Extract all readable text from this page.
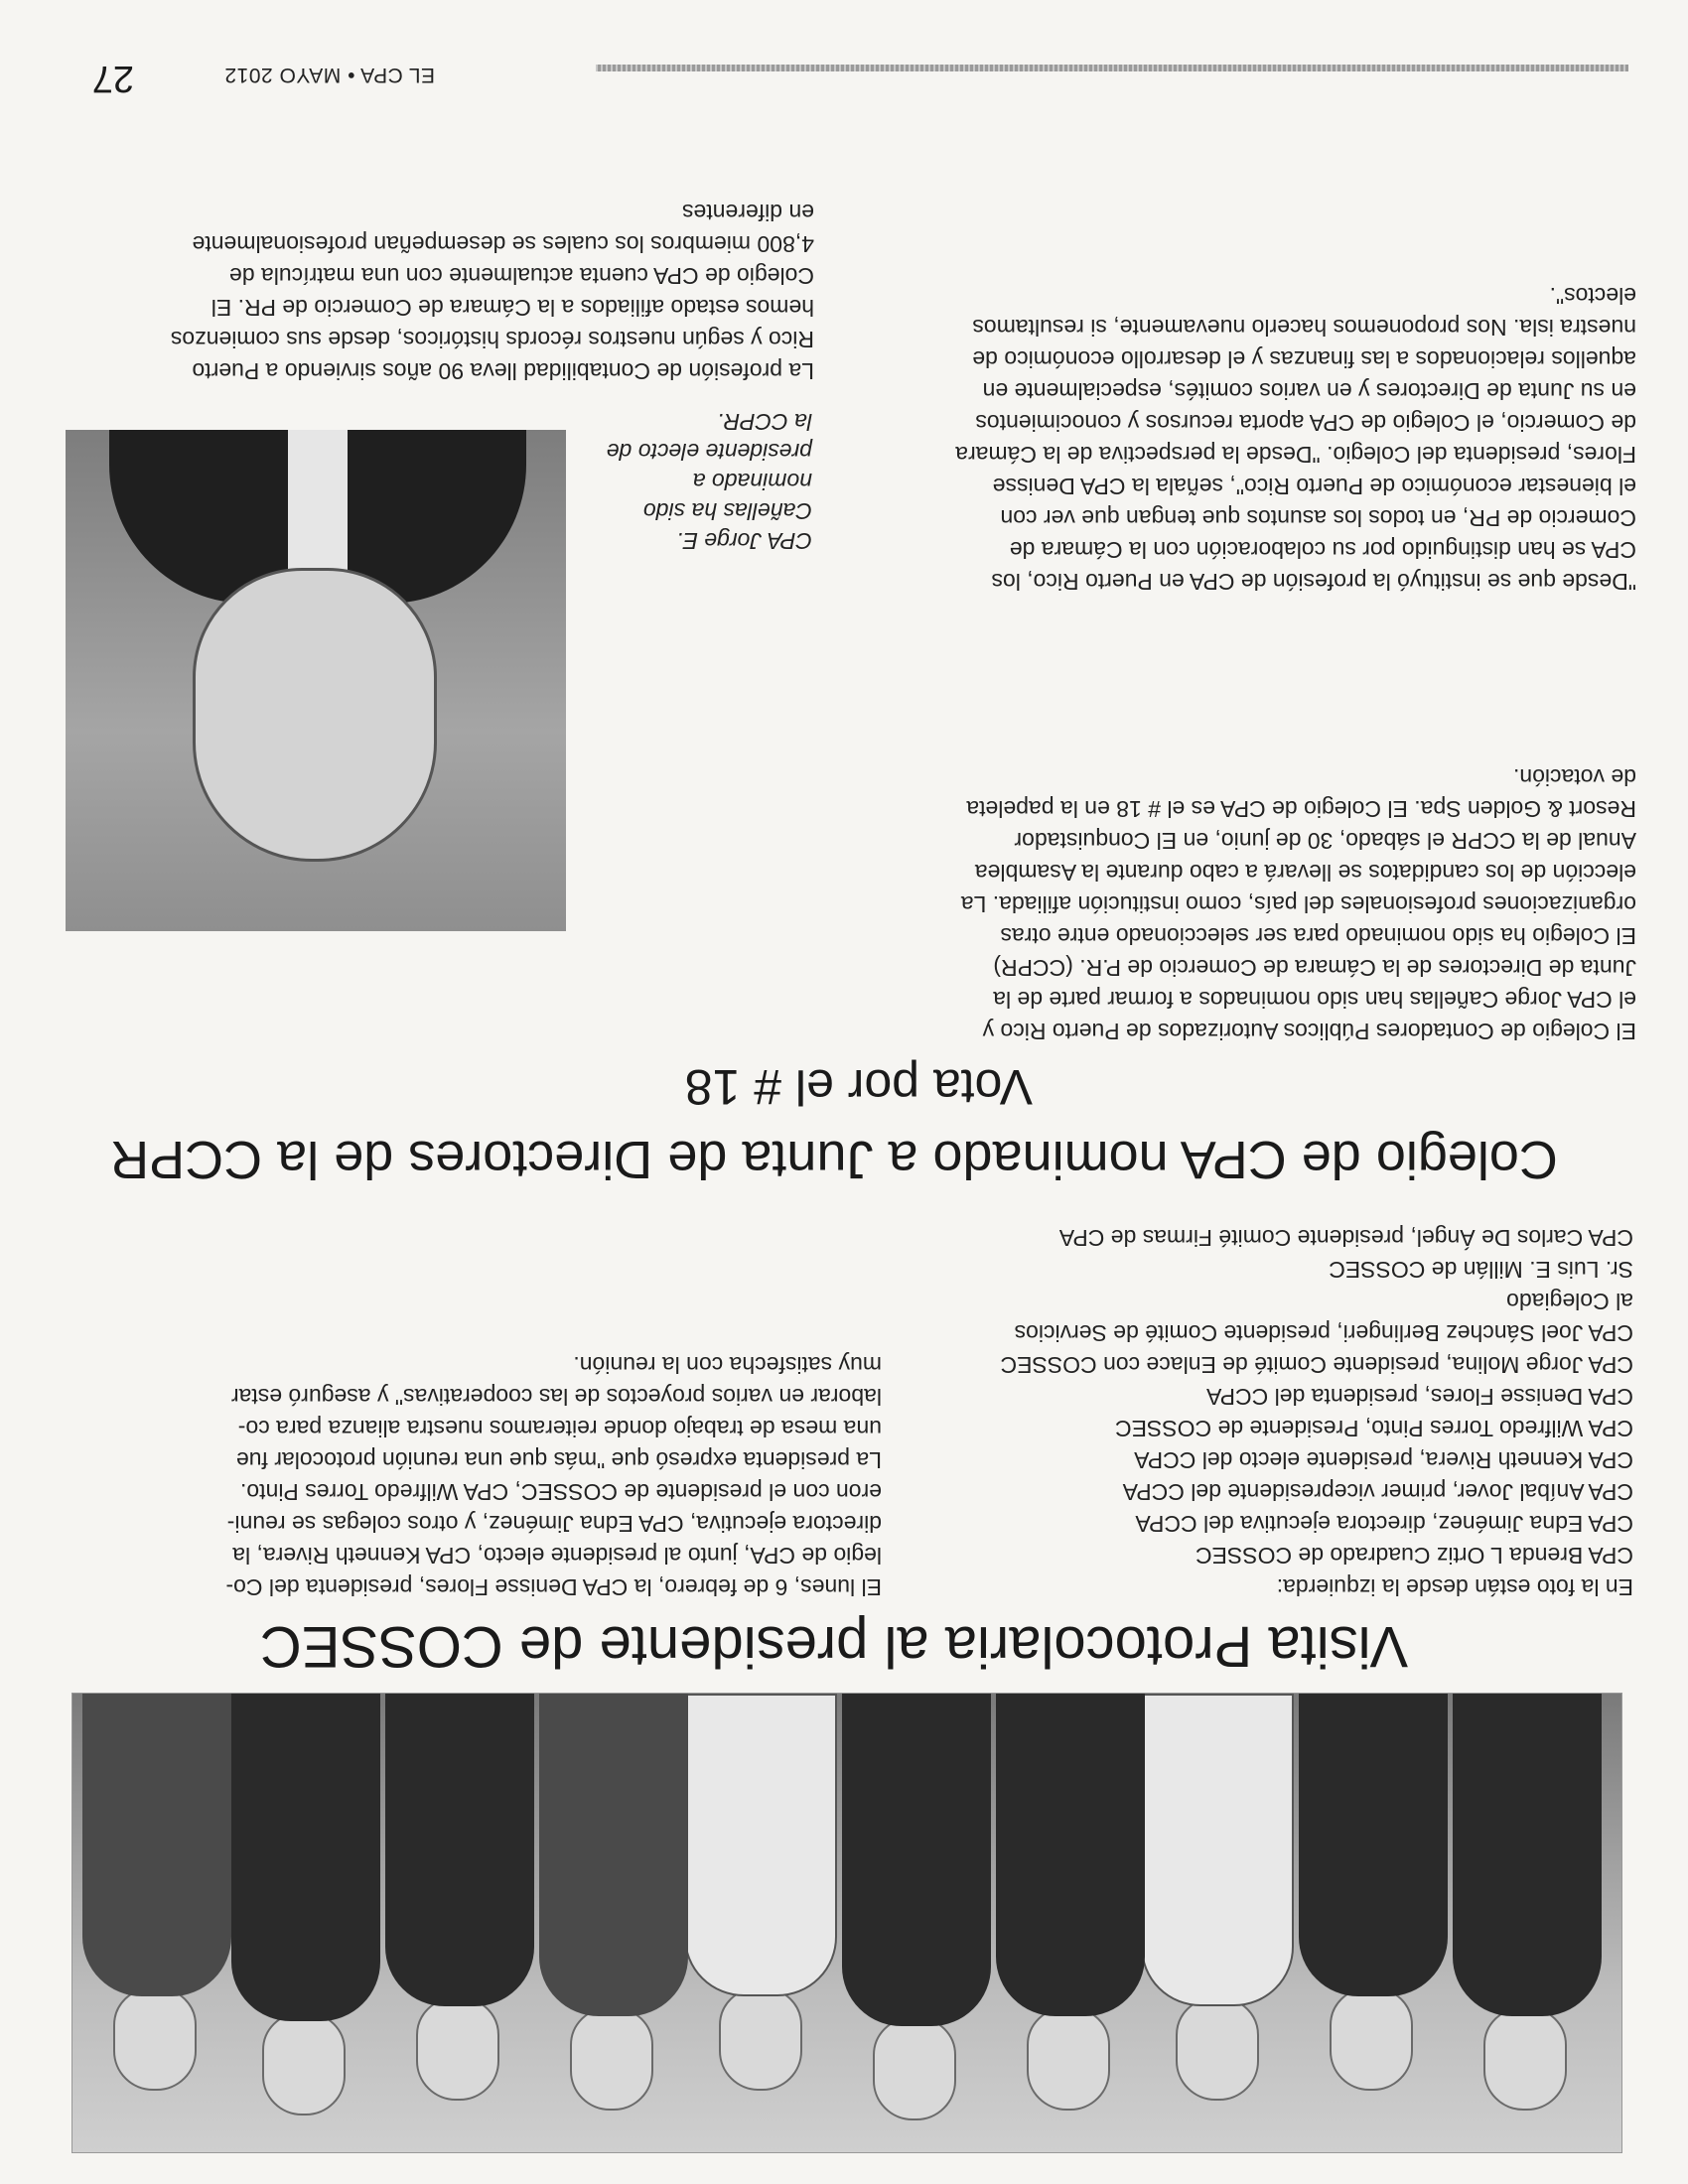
Visita Protocolaria al presidente de COSSEC

El lunes, 6 de febrero, la CPA Denisse Flores, presidenta del Co-

legio de CPA, junto al presidente electo, CPA Kenneth Rivera, la

directora ejecutiva, CPA Edna Jiménez, y otros colegas se reuni-

eron con el presidente de COSSEC, CPA Wilfredo Torres Pinto.

La presidenta expresó que "más que una reunión protocolar fue

una mesa de trabajo donde reiteramos nuestra alianza para co-

laborar en varios proyectos de las cooperativas" y aseguró estar

muy satisfecha con la reunión.

En la foto están desde la izquierda:
CPA Brenda L Ortiz Cuadrado de COSSEC
CPA Edna Jiménez, directora ejecutiva del CCPA
CPA Aníbal Jover, primer vicepresidente del CCPA
CPA Kenneth Rivera, presidente electo del CCPA
CPA Wilfredo Torres Pinto, Presidente de COSSEC
CPA Denisse Flores, presidenta del CCPA
CPA Jorge Molina, presidente Comité de Enlace con COSSEC
CPA Joel Sánchez Berlingeri, presidente Comité de Servicios
al Colegiado
Sr. Luis E. Millán de COSSEC
CPA Carlos De Ángel, presidente Comité Firmas de CPA
Colegio de CPA nominado a Junta de Directores de la CCPR
Vota por el # 18

El Colegio de Contadores Públicos Autorizados de Puerto Rico y

el CPA Jorge Cañellas han sido nominados a formar parte de la

Junta de Directores de la Cámara de Comercio de P.R. (CCPR)

El Colegio ha sido nominado para ser seleccionado entre otras

organizaciones profesionales del país, como institución afiliada. La

elección de los candidatos se llevará a cabo durante la Asamblea

Anual de la CCPR el sábado, 30 de junio, en El Conquistador

Resort & Golden Spa. El Colegio de CPA es el # 18 en la papeleta

de votación.

"Desde que se instituyó la profesión de CPA en Puerto Rico, los

CPA se han distinguido por su colaboración con la Cámara de

Comercio de PR, en todos los asuntos que tengan que ver con

el bienestar económico de Puerto Rico", señala la CPA Denisse

Flores, presidenta del Colegio. "Desde la perspectiva de la Cámara

de Comercio, el Colegio de CPA aporta recursos y conocimientos

en su Junta de Directores y en varios comités, especialmente en

aquellos relacionados a las finanzas y el desarrollo económico de

nuestra isla. Nos proponemos hacerlo nuevamente, si resultamos

electos".

CPA Jorge E.
Cañellas ha sido
nominado a
presidente electo de
la CCPR.

La profesión de Contabilidad lleva 90 años sirviendo a Puerto

Rico y según nuestros récords históricos, desde sus comienzos

hemos estado afiliados a la Cámara de Comercio de PR. El

Colegio de CPA cuenta actualmente con una matrícula de

4,800 miembros los cuales se desempeñan profesionalmente

en diferentes

EL CPA • MAYO 2012
27
